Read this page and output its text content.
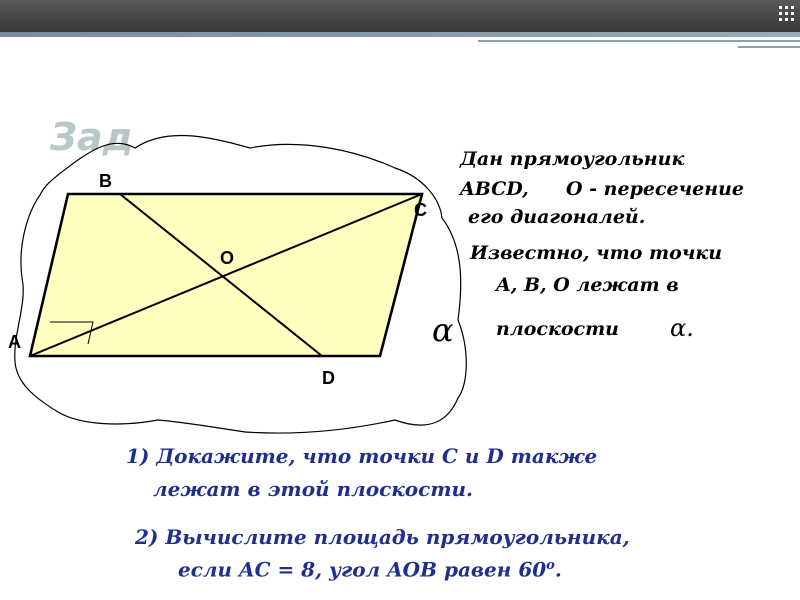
Зад
B
C
O
A
D
α

Дан прямоугольник

ABCD, O - пересечение

его диагоналей.

Известно, что точки

A, B, O лежат в

плоскости α.

1) Докажите, что точки C и D также

лежат в этой плоскости.

2) Вычислите площадь прямоугольника,

если AC = 8, угол AOB равен 60$^o$.
